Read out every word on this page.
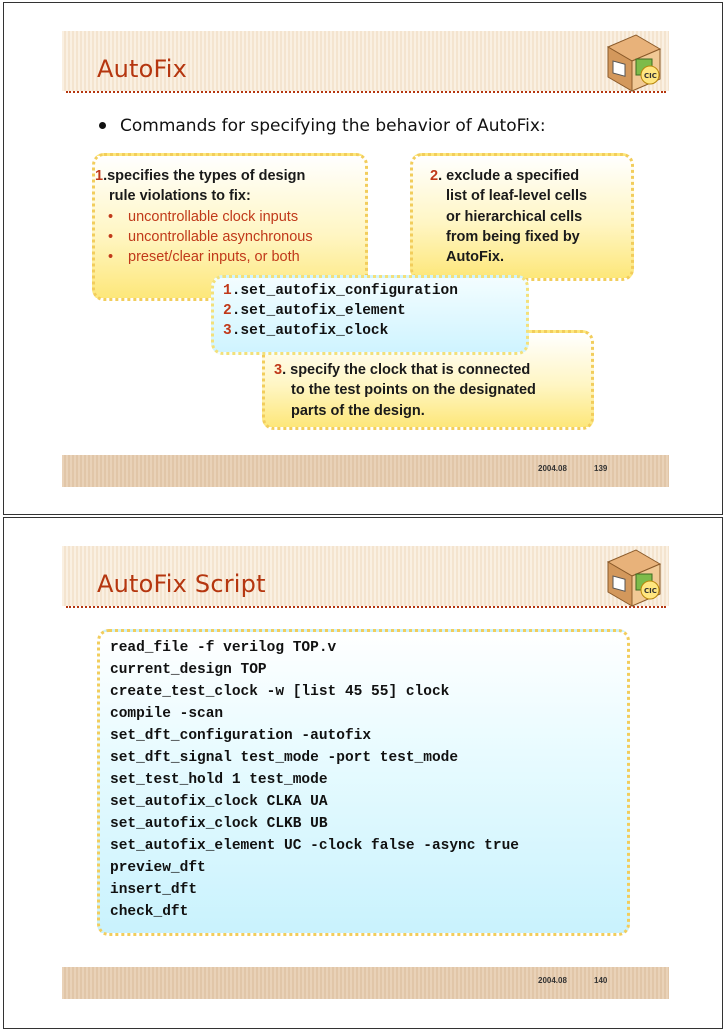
AutoFix	CIC
Commands for specifying the behavior of AutoFix:
1.specifies the types of design
rule violations to fix:
• uncontrollable clock inputs
• uncontrollable asynchronous
• preset/clear inputs, or both
2. exclude a specified
list of leaf-level cells
or hierarchical cells
from being fixed by
AutoFix.
3. specify the clock that is connected
to the test points on the designated
parts of the design.
1.set_autofix_configuration
2.set_autofix_element
3.set_autofix_clock
2004.08	139
AutoFix Script	CIC
read_file -f verilog TOP.v
current_design TOP
create_test_clock -w [list 45 55] clock
compile -scan
set_dft_configuration -autofix
set_dft_signal test_mode -port test_mode
set_test_hold 1 test_mode
set_autofix_clock CLKA UA
set_autofix_clock CLKB UB
set_autofix_element UC -clock false -async true
preview_dft
insert_dft
check_dft
2004.08	140
